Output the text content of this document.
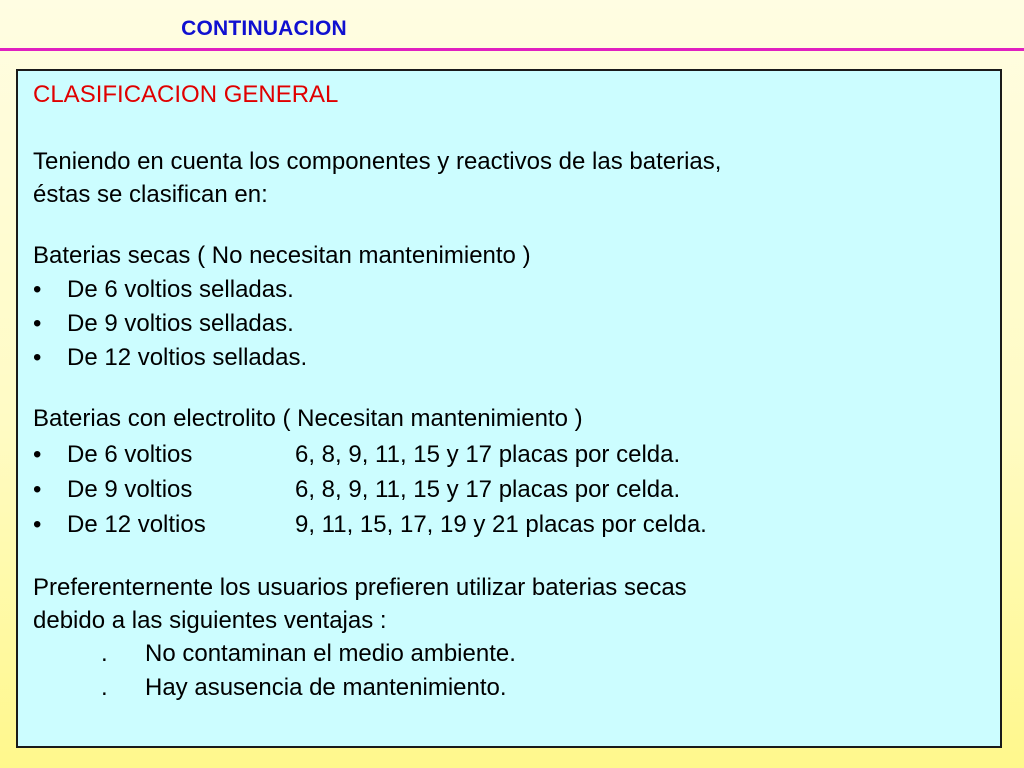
CONTINUACION
CLASIFICACION GENERAL
Teniendo en cuenta los componentes y reactivos de las baterias,
éstas se clasifican en:
Baterias secas ( No necesitan mantenimiento )
• De 6 voltios selladas.
• De 9 voltios selladas.
• De 12 voltios selladas.
Baterias con electrolito ( Necesitan mantenimiento )
• De 6 voltios	6, 8, 9, 11, 15 y 17 placas por celda.
• De 9 voltios	6, 8, 9, 11, 15 y 17 placas por celda.
• De 12 voltios	9, 11, 15, 17, 19 y 21 placas por celda.
Preferenternente los usuarios prefieren utilizar baterias secas
debido a las siguientes ventajas :
. No contaminan el medio ambiente.
. Hay asusencia de mantenimiento.
